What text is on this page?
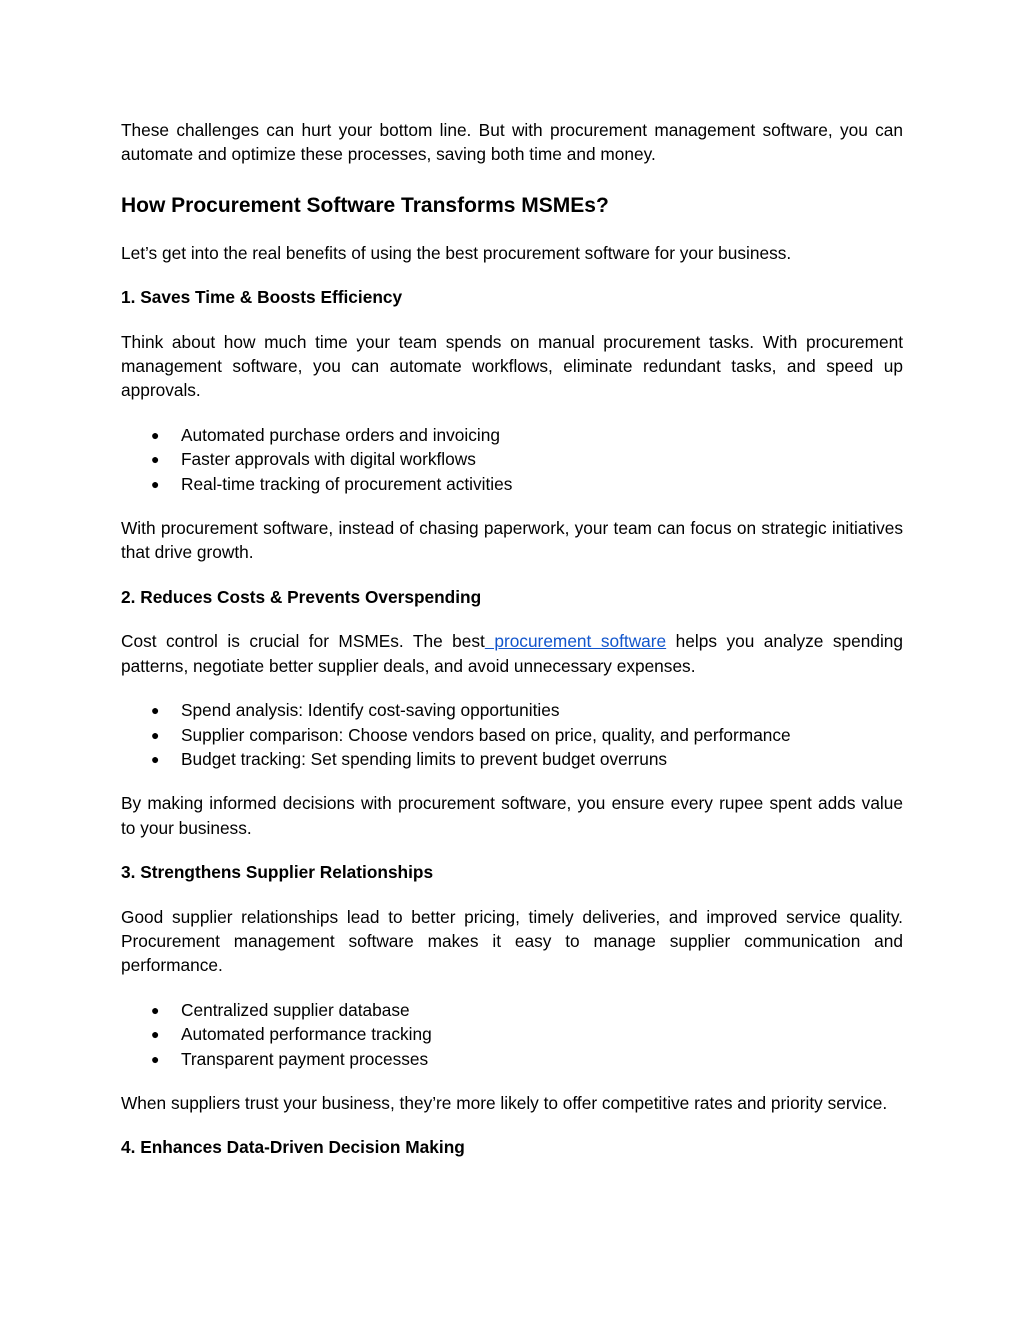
These challenges can hurt your bottom line. But with procurement management software, you can automate and optimize these processes, saving both time and money.

How Procurement Software Transforms MSMEs?

Let’s get into the real benefits of using the best procurement software for your business.

1. Saves Time & Boosts Efficiency

Think about how much time your team spends on manual procurement tasks. With procurement management software, you can automate workflows, eliminate redundant tasks, and speed up approvals.

● Automated purchase orders and invoicing
● Faster approvals with digital workflows
● Real-time tracking of procurement activities

With procurement software, instead of chasing paperwork, your team can focus on strategic initiatives that drive growth.

2. Reduces Costs & Prevents Overspending

Cost control is crucial for MSMEs. The best procurement software helps you analyze spending patterns, negotiate better supplier deals, and avoid unnecessary expenses.

● Spend analysis: Identify cost-saving opportunities
● Supplier comparison: Choose vendors based on price, quality, and performance
● Budget tracking: Set spending limits to prevent budget overruns

By making informed decisions with procurement software, you ensure every rupee spent adds value to your business.

3. Strengthens Supplier Relationships

Good supplier relationships lead to better pricing, timely deliveries, and improved service quality. Procurement management software makes it easy to manage supplier communication and performance.

● Centralized supplier database
● Automated performance tracking
● Transparent payment processes

When suppliers trust your business, they’re more likely to offer competitive rates and priority service.

4. Enhances Data-Driven Decision Making
